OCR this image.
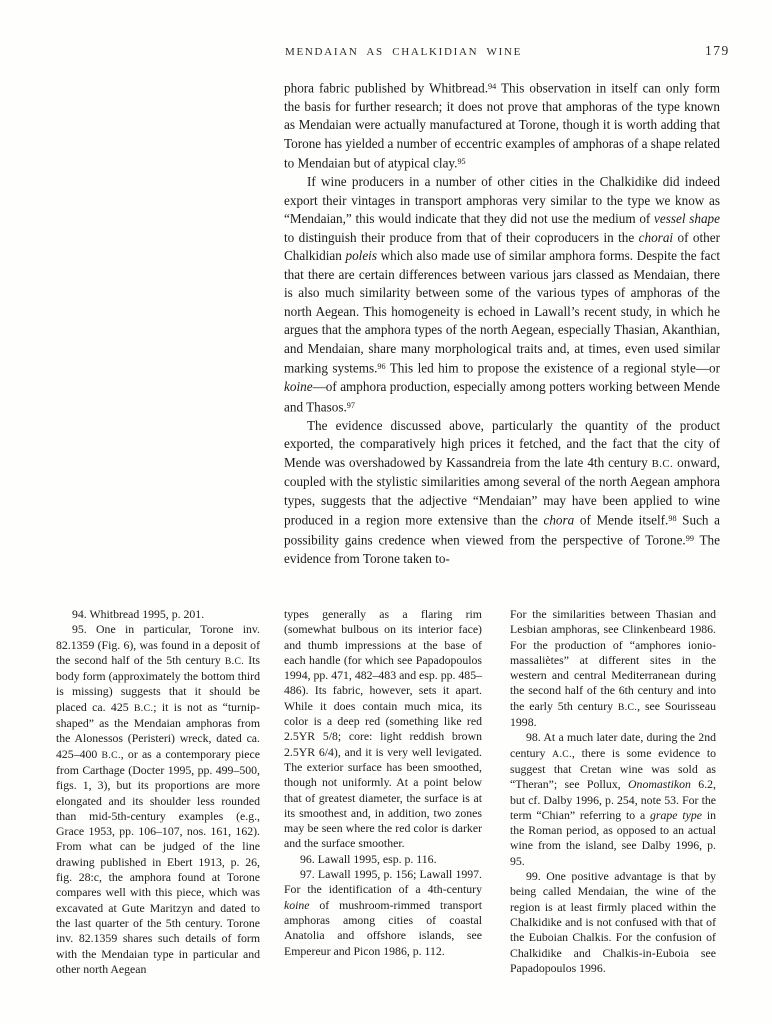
MENDAIAN AS CHALKIDIAN WINE	179

phora fabric published by Whitbread.$^{94}$ This observation in itself can only form the basis for further research; it does not prove that amphoras of the type known as Mendaian were actually manufactured at Torone, though it is worth adding that Torone has yielded a number of eccentric examples of amphoras of a shape related to Mendaian but of atypical clay.$^{95}$

If wine producers in a number of other cities in the Chalkidike did indeed export their vintages in transport amphoras very similar to the type we know as “Mendaian,” this would indicate that they did not use the medium of vessel shape to distinguish their produce from that of their coproducers in the chorai of other Chalkidian poleis which also made use of similar amphora forms. Despite the fact that there are certain differences between various jars classed as Mendaian, there is also much similarity between some of the various types of amphoras of the north Aegean. This homogeneity is echoed in Lawall’s recent study, in which he argues that the amphora types of the north Aegean, especially Thasian, Akanthian, and Mendaian, share many morphological traits and, at times, even used similar marking systems.$^{96}$ This led him to propose the existence of a regional style—or koine—of amphora production, especially among potters working between Mende and Thasos.$^{97}$

The evidence discussed above, particularly the quantity of the product exported, the comparatively high prices it fetched, and the fact that the city of Mende was overshadowed by Kassandreia from the late 4th century B.C. onward, coupled with the stylistic similarities among several of the north Aegean amphora types, suggests that the adjective “Mendaian” may have been applied to wine produced in a region more extensive than the chora of Mende itself.$^{98}$ Such a possibility gains credence when viewed from the perspective of Torone.$^{99}$ The evidence from Torone taken to-

94. Whitbread 1995, p. 201.

95. One in particular, Torone inv. 82.1359 (Fig. 6), was found in a deposit of the second half of the 5th century B.C. Its body form (approximately the bottom third is missing) suggests that it should be placed ca. 425 B.C.; it is not as “turnip-shaped” as the Mendaian amphoras from the Alonessos (Peristeri) wreck, dated ca. 425–400 B.C., or as a contemporary piece from Carthage (Docter 1995, pp. 499–500, figs. 1, 3), but its proportions are more elongated and its shoulder less rounded than mid-5th-century examples (e.g., Grace 1953, pp. 106–107, nos. 161, 162). From what can be judged of the line drawing published in Ebert 1913, p. 26, fig. 28:c, the amphora found at Torone compares well with this piece, which was excavated at Gute Maritzyn and dated to the last quarter of the 5th century. Torone inv. 82.1359 shares such details of form with the Mendaian type in particular and other north Aegean

types generally as a flaring rim (somewhat bulbous on its interior face) and thumb impressions at the base of each handle (for which see Papadopoulos 1994, pp. 471, 482–483 and esp. pp. 485–486). Its fabric, however, sets it apart. While it does contain much mica, its color is a deep red (something like red 2.5YR 5/8; core: light reddish brown 2.5YR 6/4), and it is very well levigated. The exterior surface has been smoothed, though not uniformly. At a point below that of greatest diameter, the surface is at its smoothest and, in addition, two zones may be seen where the red color is darker and the surface smoother.

96. Lawall 1995, esp. p. 116.

97. Lawall 1995, p. 156; Lawall 1997. For the identification of a 4th-century koine of mushroom-rimmed transport amphoras among cities of coastal Anatolia and offshore islands, see Empereur and Picon 1986, p. 112.

For the similarities between Thasian and Lesbian amphoras, see Clinkenbeard 1986. For the production of “amphores ionio-massaliètes” at different sites in the western and central Mediterranean during the second half of the 6th century and into the early 5th century B.C., see Sourisseau 1998.

98. At a much later date, during the 2nd century A.C., there is some evidence to suggest that Cretan wine was sold as “Theran”; see Pollux, Onomastikon 6.2, but cf. Dalby 1996, p. 254, note 53. For the term “Chian” referring to a grape type in the Roman period, as opposed to an actual wine from the island, see Dalby 1996, p. 95.

99. One positive advantage is that by being called Mendaian, the wine of the region is at least firmly placed within the Chalkidike and is not confused with that of the Euboian Chalkis. For the confusion of Chalkidike and Chalkis-in-Euboia see Papadopoulos 1996.
